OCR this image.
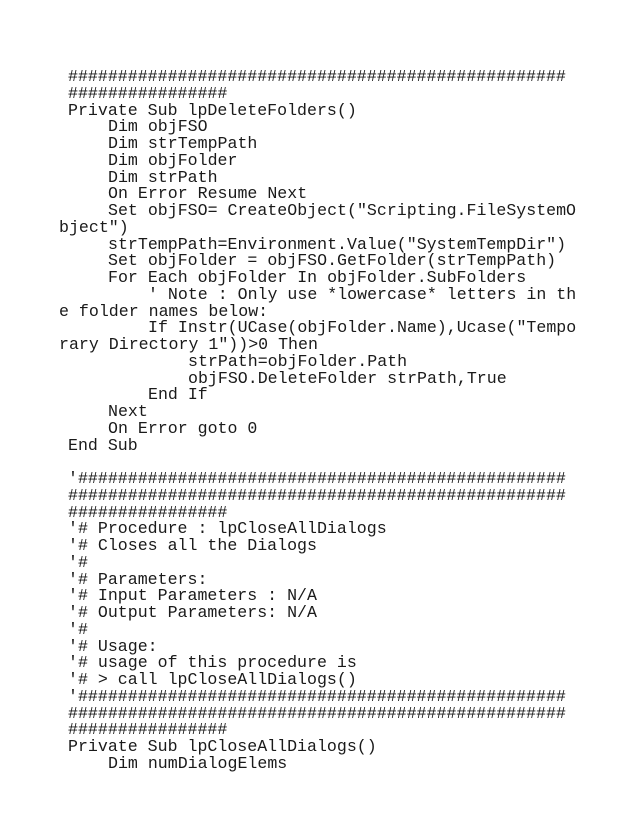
##################################################
################
Private Sub lpDeleteFolders()
Dim objFSO
Dim strTempPath
Dim objFolder
Dim strPath
On Error Resume Next
Set objFSO= CreateObject("Scripting.FileSystemO
bject")
strTempPath=Environment.Value("SystemTempDir")
Set objFolder = objFSO.GetFolder(strTempPath)
For Each objFolder In objFolder.SubFolders
' Note : Only use *lowercase* letters in th
e folder names below:
If Instr(UCase(objFolder.Name),Ucase("Tempo
rary Directory 1"))>0 Then
strPath=objFolder.Path
objFSO.DeleteFolder strPath,True
End If
Next
On Error goto 0
End Sub
'#################################################
##################################################
################
'# Procedure : lpCloseAllDialogs
'# Closes all the Dialogs
'#
'# Parameters:
'# Input Parameters : N/A
'# Output Parameters: N/A
'#
'# Usage:
'# usage of this procedure is
'# > call lpCloseAllDialogs()
'#################################################
##################################################
################
Private Sub lpCloseAllDialogs()
Dim numDialogElems
